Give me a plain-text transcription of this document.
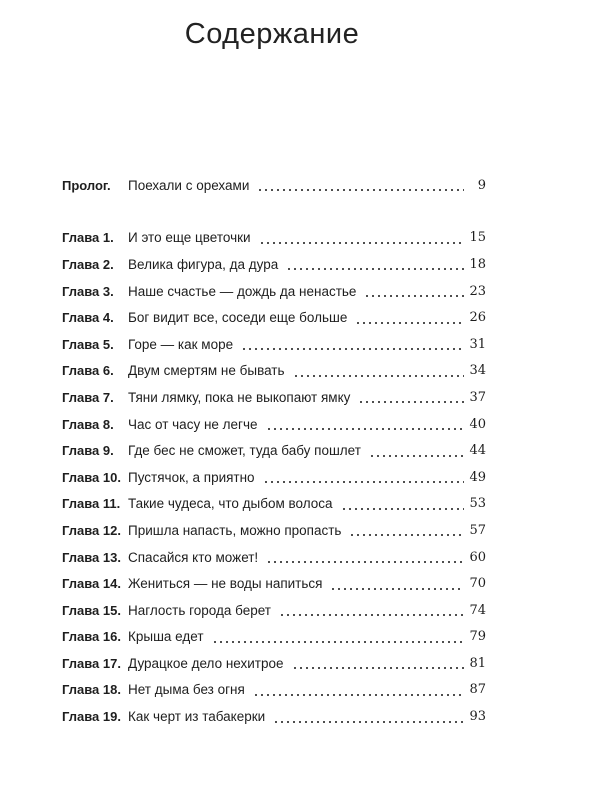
Содержание
Пролог.	Поехали с орехами	9
Глава 1.	И это еще цветочки	15
Глава 2.	Велика фигура, да дура	18
Глава 3.	Наше счастье — дождь да ненастье	23
Глава 4.	Бог видит все, соседи еще больше	26
Глава 5.	Горе — как море	31
Глава 6.	Двум смертям не бывать	34
Глава 7.	Тяни лямку, пока не выкопают ямку	37
Глава 8.	Час от часу не легче	40
Глава 9.	Где бес не сможет, туда бабу пошлет	44
Глава 10. Пустячок, а приятно	49
Глава 11. Такие чудеса, что дыбом волоса	53
Глава 12. Пришла напасть, можно пропасть	57
Глава 13. Спасайся кто может!	60
Глава 14. Жениться — не воды напиться	70
Глава 15. Наглость города берет	74
Глава 16. Крыша едет	79
Глава 17. Дурацкое дело нехитрое	81
Глава 18. Нет дыма без огня	87
Глава 19. Как черт из табакерки	93
